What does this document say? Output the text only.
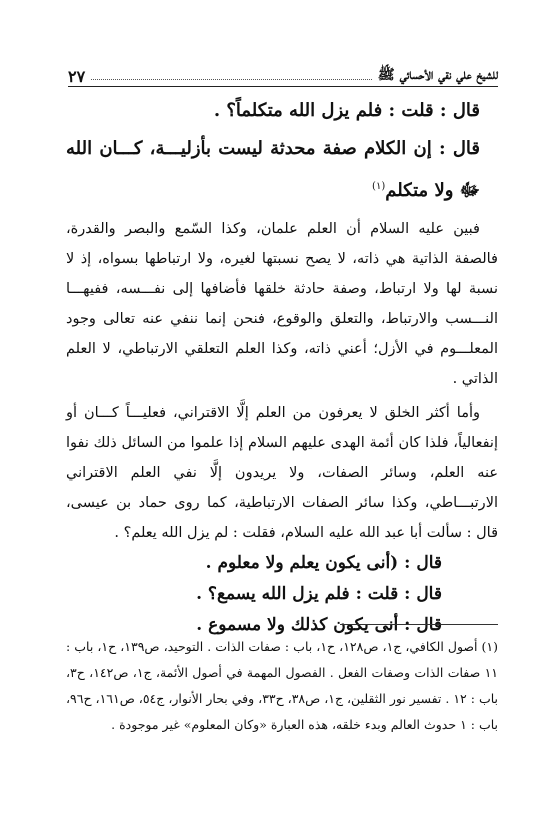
للشيخ علي نقي الأحسائي ﷺ
٢٧

قال : قلت : فلم يزل الله متكلماً؟ .

قال : إن الكلام صفة محدثة ليست بأزليـــة، كـــان الله ﷻ ولا متكلم$^{(١)}$

فبين عليه السلام أن العلم علمان، وكذا السّمع والبصر والقدرة، فالصفة الذاتية هي ذاته، لا يصح نسبتها لغيره، ولا ارتباطها بسواه، إذ لا نسبة لها ولا ارتباط، وصفة حادثة خلقها فأضافها إلى نفـــسه، ففيهـــا النـــسب والارتباط، والتعلق والوقوع، فنحن إنما ننفي عنه تعالى وجود المعلـــوم في الأزل؛ أعني ذاته، وكذا العلم التعلقي الارتباطي، لا العلم الذاتي .

وأما أكثر الخلق لا يعرفون من العلم إلَّا الاقتراني، فعليـــاً كـــان أو إنفعالياً، فلذا كان أئمة الهدى عليهم السلام إذا علموا من السائل ذلك نفوا عنه العلم، وسائر الصفات، ولا يريدون إلَّا نفي العلم الاقتراني الارتبـــاطي، وكذا سائر الصفات الارتباطية، كما روى حماد بن عيسى، قال : سألت أبا عبد الله عليه السلام، فقلت : لم يزل الله يعلم؟ .

قال : (أنى يكون يعلم ولا معلوم .

قال : قلت : فلم يزل الله يسمع؟ .

قال : أنى يكون كذلك ولا مسموع .

(١) أصول الكافي، ج١، ص١٢٨، ح١، باب : صفات الذات . التوحيد، ص١٣٩، ح١، باب : ١١ صفات الذات وصفات الفعل . الفصول المهمة في أصول الأئمة، ج١، ص١٤٢، ح٣، باب : ١٢ . تفسير نور الثقلين، ج١، ص٣٨، ح٣٣، وفي بحار الأنوار، ج٥٤، ص١٦١، ح٩٦، باب : ١ حدوث العالم وبدء خلقه، هذه العبارة «وكان المعلوم» غير موجودة .
